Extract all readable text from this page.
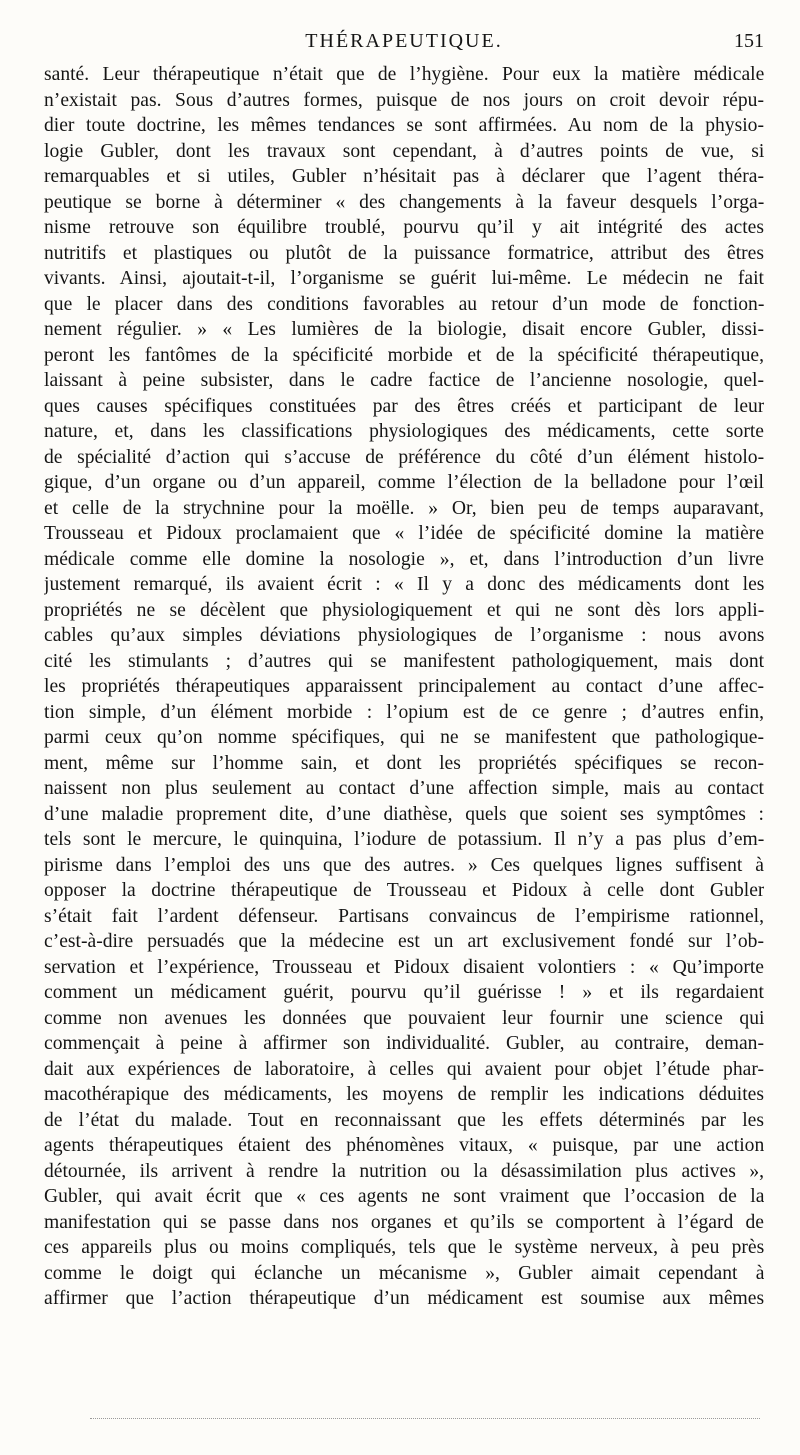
THÉRAPEUTIQUE.	151
santé. Leur thérapeutique n’était que de l’hygiène. Pour eux la matière médicale
n’existait pas. Sous d’autres formes, puisque de nos jours on croit devoir répu-
dier toute doctrine, les mêmes tendances se sont affirmées. Au nom de la physio-
logie Gubler, dont les travaux sont cependant, à d’autres points de vue, si
remarquables et si utiles, Gubler n’hésitait pas à déclarer que l’agent théra-
peutique se borne à déterminer « des changements à la faveur desquels l’orga-
nisme retrouve son équilibre troublé, pourvu qu’il y ait intégrité des actes
nutritifs et plastiques ou plutôt de la puissance formatrice, attribut des êtres
vivants. Ainsi, ajoutait-t-il, l’organisme se guérit lui-même. Le médecin ne fait
que le placer dans des conditions favorables au retour d’un mode de fonction-
nement régulier. » « Les lumières de la biologie, disait encore Gubler, dissi-
peront les fantômes de la spécificité morbide et de la spécificité thérapeutique,
laissant à peine subsister, dans le cadre factice de l’ancienne nosologie, quel-
ques causes spécifiques constituées par des êtres créés et participant de leur
nature, et, dans les classifications physiologiques des médicaments, cette sorte
de spécialité d’action qui s’accuse de préférence du côté d’un élément histolo-
gique, d’un organe ou d’un appareil, comme l’élection de la belladone pour l’œil
et celle de la strychnine pour la moëlle. » Or, bien peu de temps auparavant,
Trousseau et Pidoux proclamaient que « l’idée de spécificité domine la matière
médicale comme elle domine la nosologie », et, dans l’introduction d’un livre
justement remarqué, ils avaient écrit : « Il y a donc des médicaments dont les
propriétés ne se décèlent que physiologiquement et qui ne sont dès lors appli-
cables qu’aux simples déviations physiologiques de l’organisme : nous avons
cité les stimulants ; d’autres qui se manifestent pathologiquement, mais dont
les propriétés thérapeutiques apparaissent principalement au contact d’une affec-
tion simple, d’un élément morbide : l’opium est de ce genre ; d’autres enfin,
parmi ceux qu’on nomme spécifiques, qui ne se manifestent que pathologique-
ment, même sur l’homme sain, et dont les propriétés spécifiques se recon-
naissent non plus seulement au contact d’une affection simple, mais au contact
d’une maladie proprement dite, d’une diathèse, quels que soient ses symptômes :
tels sont le mercure, le quinquina, l’iodure de potassium. Il n’y a pas plus d’em-
pirisme dans l’emploi des uns que des autres. » Ces quelques lignes suffisent à
opposer la doctrine thérapeutique de Trousseau et Pidoux à celle dont Gubler
s’était fait l’ardent défenseur. Partisans convaincus de l’empirisme rationnel,
c’est-à-dire persuadés que la médecine est un art exclusivement fondé sur l’ob-
servation et l’expérience, Trousseau et Pidoux disaient volontiers : « Qu’importe
comment un médicament guérit, pourvu qu’il guérisse ! » et ils regardaient
comme non avenues les données que pouvaient leur fournir une science qui
commençait à peine à affirmer son individualité. Gubler, au contraire, deman-
dait aux expériences de laboratoire, à celles qui avaient pour objet l’étude phar-
macothérapique des médicaments, les moyens de remplir les indications déduites
de l’état du malade. Tout en reconnaissant que les effets déterminés par les
agents thérapeutiques étaient des phénomènes vitaux, « puisque, par une action
détournée, ils arrivent à rendre la nutrition ou la désassimilation plus actives »,
Gubler, qui avait écrit que « ces agents ne sont vraiment que l’occasion de la
manifestation qui se passe dans nos organes et qu’ils se comportent à l’égard de
ces appareils plus ou moins compliqués, tels que le système nerveux, à peu près
comme le doigt qui éclanche un mécanisme », Gubler aimait cependant à
affirmer que l’action thérapeutique d’un médicament est soumise aux mêmes
